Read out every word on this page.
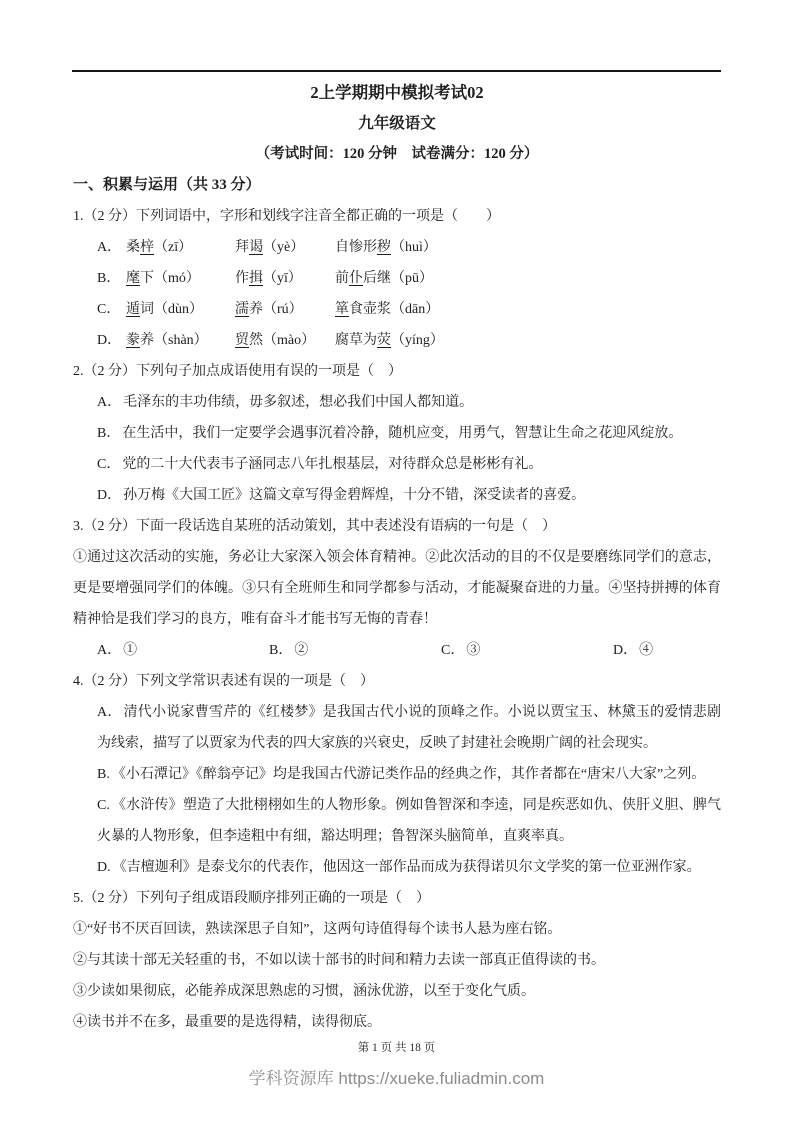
2上学期期中模拟考试02
九年级语文
（考试时间：120 分钟　试卷满分：120 分）
一、积累与运用（共 33 分）

1.（2 分）下列词语中，字形和划线字注音全都正确的一项是（　　）

A． 桑梓（zī）	拜谒（yè）	自惨形秽（huì）
B． 麾下（mó）	作揖（yī）	前仆后继（pū）
C． 遁词（dùn）	濡养（rú）	箪食壶浆（dān）
D． 豢养（shàn）	贸然（mào）	腐草为荧（yíng）

2.（2 分）下列句子加点成语使用有误的一项是（　）

A． 毛泽东的丰功伟绩，毋多叙述，想必我们中国人都知道。

B． 在生活中，我们一定要学会遇事沉着冷静，随机应变，用勇气，智慧让生命之花迎风绽放。

C． 党的二十大代表韦子涵同志八年扎根基层，对待群众总是彬彬有礼。

D． 孙万梅《大国工匠》这篇文章写得金碧辉煌，十分不错，深受读者的喜爱。

3.（2 分）下面一段话选自某班的活动策划，其中表述没有语病的一句是（　）

①通过这次活动的实施，务必让大家深入领会体育精神。②此次活动的目的不仅是要磨练同学们的意志，更是要增强同学们的体魄。③只有全班师生和同学都参与活动，才能凝聚奋进的力量。④坚持拼搏的体育精神恰是我们学习的良方，唯有奋斗才能书写无悔的青春！

A． ①	B． ②	C． ③	D． ④

4.（2 分）下列文学常识表述有误的一项是（　）

A． 清代小说家曹雪芹的《红楼梦》是我国古代小说的顶峰之作。小说以贾宝玉、林黛玉的爱情悲剧为线索，描写了以贾家为代表的四大家族的兴衰史，反映了封建社会晚期广阔的社会现实。

B. 《小石潭记》《醉翁亭记》均是我国古代游记类作品的经典之作，其作者都在“唐宋八大家”之列。

C. 《水浒传》塑造了大批栩栩如生的人物形象。例如鲁智深和李逵，同是疾恶如仇、侠肝义胆、脾气火暴的人物形象，但李逵粗中有细，豁达明理；鲁智深头脑简单，直爽率真。

D. 《吉檀迦利》是泰戈尔的代表作，他因这一部作品而成为获得诺贝尔文学奖的第一位亚洲作家。

5.（2 分）下列句子组成语段顺序排列正确的一项是（　）

①“好书不厌百回读，熟读深思子自知”，这两句诗值得每个读书人悬为座右铭。

②与其读十部无关轻重的书，不如以读十部书的时间和精力去读一部真正值得读的书。

③少读如果彻底，必能养成深思熟虑的习惯，涵泳优游，以至于变化气质。

④读书并不在多，最重要的是选得精，读得彻底。

第 1 页 共 18 页
学科资源库 https://xueke.fuliadmin.com
